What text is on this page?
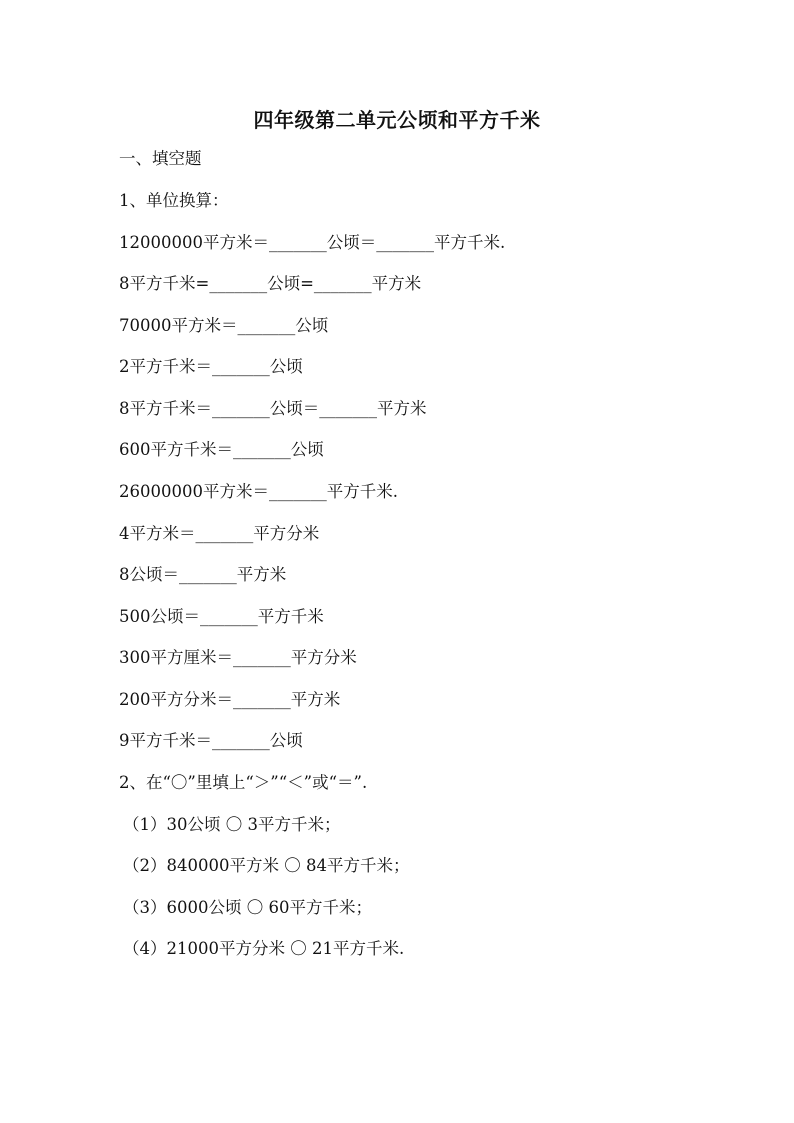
四年级第二单元公顷和平方千米
一、填空题
1、单位换算：
12000000平方米＝_______公顷＝_______平方千米.
8平方千米=_______公顷=_______平方米
70000平方米＝_______公顷
2平方千米＝_______公顷
8平方千米＝_______公顷＝_______平方米
600平方千米＝_______公顷
26000000平方米＝_______平方千米.
4平方米＝_______平方分米
8公顷＝_______平方米
500公顷＝_______平方千米
300平方厘米＝_______平方分米
200平方分米＝_______平方米
9平方千米＝_______公顷
2、在“〇”里填上“＞”“＜”或“＝”.
（1）30公顷 〇 3平方千米；
（2）840000平方米 〇 84平方千米；
（3）6000公顷 〇 60平方千米；
（4）21000平方分米 〇 21平方千米.
